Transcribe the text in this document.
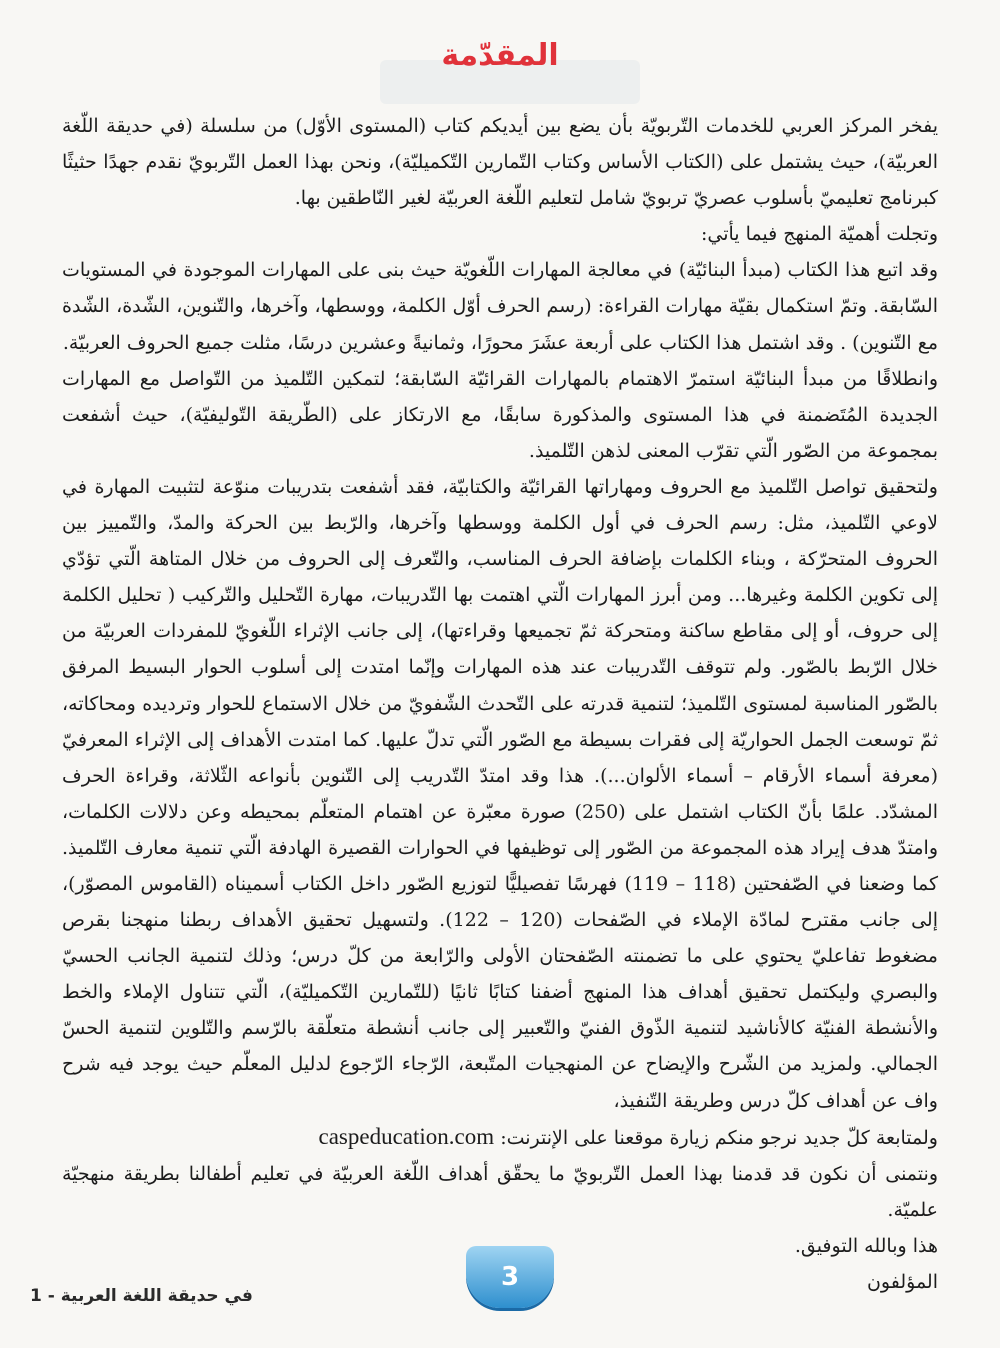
المقدّمة

يفخر المركز العربي للخدمات التّربويّة بأن يضع بين أيديكم كتاب (المستوى الأوّل) من سلسلة (في حديقة اللّغة العربيّة)، حيث يشتمل على (الكتاب الأساس وكتاب التّمارين التّكميليّة)، ونحن بهذا العمل التّربويّ نقدم جهدًا حثيثًا كبرنامج تعليميّ بأسلوب عصريّ تربويّ شامل لتعليم اللّغة العربيّة لغير النّاطقين بها.

وتجلت أهميّة المنهج فيما يأتي:

وقد اتبع هذا الكتاب (مبدأ البنائيّة) في معالجة المهارات اللّغويّة حيث بنى على المهارات الموجودة في المستويات السّابقة. وتمّ استكمال بقيّة مهارات القراءة: (رسم الحرف أوّل الكلمة، ووسطها، وآخرها، والتّنوين، الشّدة، الشّدة مع التّنوين) . وقد اشتمل هذا الكتاب على أربعة عشَرَ محورًا، وثمانيةً وعشرين درسًا، مثلت جميع الحروف العربيّة.

وانطلاقًا من مبدأ البنائيّة استمرّ الاهتمام بالمهارات القرائيّة السّابقة؛ لتمكين التّلميذ من التّواصل مع المهارات الجديدة المُتَضمنة في هذا المستوى والمذكورة سابقًا، مع الارتكاز على (الطّريقة التّوليفيّة)، حيث أشفعت بمجموعة من الصّور الّتي تقرّب المعنى لذهن التّلميذ.

ولتحقيق تواصل التّلميذ مع الحروف ومهاراتها القرائيّة والكتابيّة، فقد أشفعت بتدريبات منوّعة لتثبيت المهارة في لاوعي التّلميذ، مثل: رسم الحرف في أول الكلمة ووسطها وآخرها، والرّبط بين الحركة والمدّ، والتّمييز بين الحروف المتحرّكة ، وبناء الكلمات بإضافة الحرف المناسب، والتّعرف إلى الحروف من خلال المتاهة الّتي تؤدّي إلى تكوين الكلمة وغيرها... ومن أبرز المهارات الّتي اهتمت بها التّدريبات، مهارة التّحليل والتّركيب ( تحليل الكلمة إلى حروف، أو إلى مقاطع ساكنة ومتحركة ثمّ تجميعها وقراءتها)، إلى جانب الإثراء اللّغويّ للمفردات العربيّة من خلال الرّبط بالصّور. ولم تتوقف التّدريبات عند هذه المهارات وإنّما امتدت إلى أسلوب الحوار البسيط المرفق بالصّور المناسبة لمستوى التّلميذ؛ لتنمية قدرته على التّحدث الشّفويّ من خلال الاستماع للحوار وترديده ومحاكاته، ثمّ توسعت الجمل الحواريّة إلى فقرات بسيطة مع الصّور الّتي تدلّ عليها. كما امتدت الأهداف إلى الإثراء المعرفيّ (معرفة أسماء الأرقام – أسماء الألوان...). هذا وقد امتدّ التّدريب إلى التّنوين بأنواعه الثّلاثة، وقراءة الحرف المشدّد. علمًا بأنّ الكتاب اشتمل على (250) صورة معبّرة عن اهتمام المتعلّم بمحيطه وعن دلالات الكلمات، وامتدّ هدف إيراد هذه المجموعة من الصّور إلى توظيفها في الحوارات القصيرة الهادفة الّتي تنمية معارف التّلميذ. كما وضعنا في الصّفحتين (118 – 119) فهرسًا تفصيليًّا لتوزيع الصّور داخل الكتاب أسميناه (القاموس المصوّر)، إلى جانب مقترح لمادّة الإملاء في الصّفحات (120 – 122). ولتسهيل تحقيق الأهداف ربطنا منهجنا بقرص مضغوط تفاعليّ يحتوي على ما تضمنته الصّفحتان الأولى والرّابعة من كلّ درس؛ وذلك لتنمية الجانب الحسيّ والبصري وليكتمل تحقيق أهداف هذا المنهج أضفنا كتابًا ثانيًا (للتّمارين التّكميليّة)، الّتي تتناول الإملاء والخط والأنشطة الفنيّة كالأناشيد لتنمية الذّوق الفنيّ والتّعبير إلى جانب أنشطة متعلّقة بالرّسم والتّلوين لتنمية الحسّ الجمالي. ولمزيد من الشّرح والإيضاح عن المنهجيات المتّبعة، الرّجاء الرّجوع لدليل المعلّم حيث يوجد فيه شرح واف عن أهداف كلّ درس وطريقة التّنفيذ،

ولمتابعة كلّ جديد نرجو منكم زيارة موقعنا على الإنترنت: caspeducation.com

ونتمنى أن نكون قد قدمنا بهذا العمل التّربويّ ما يحقّق أهداف اللّغة العربيّة في تعليم أطفالنا بطريقة منهجيّة علميّة.

هذا وبالله التوفيق.

المؤلفون

3
في حديقة اللغة العربية - 1
